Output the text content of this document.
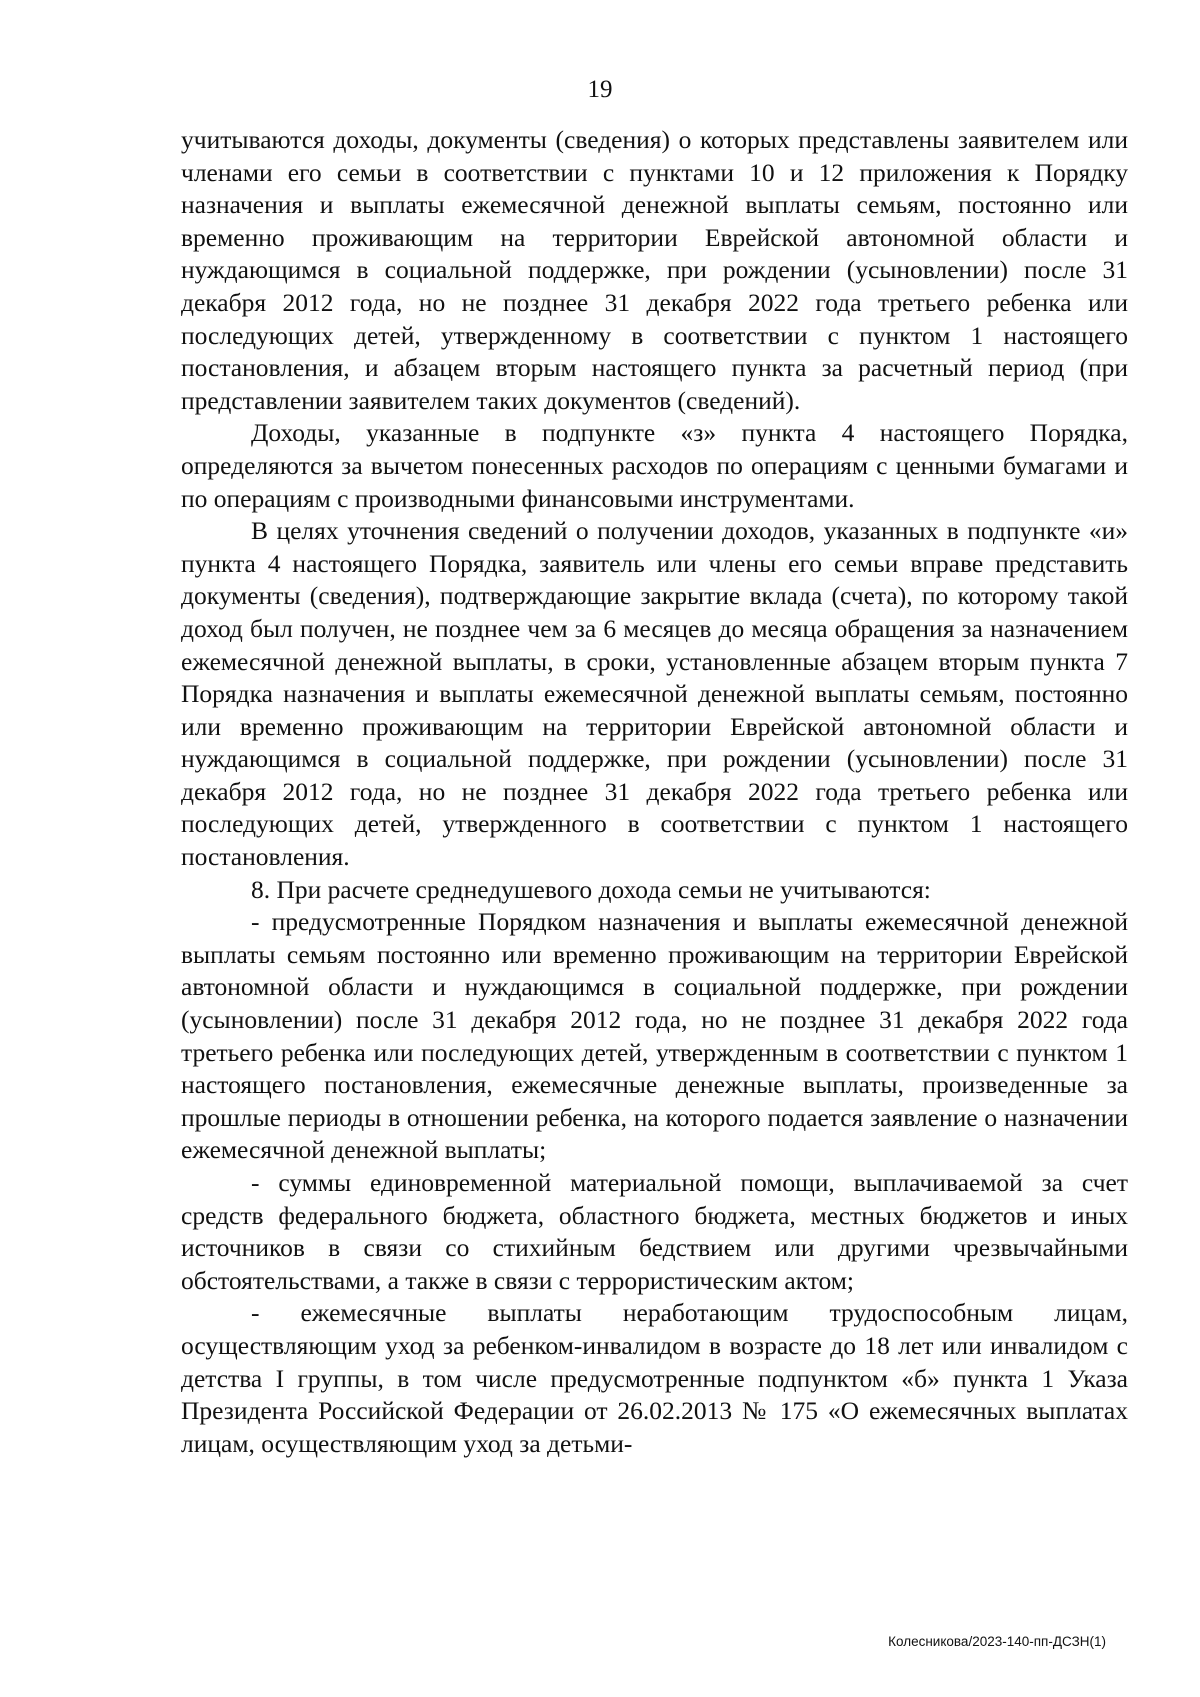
19

учитываются доходы, документы (сведения) о которых представлены заявителем или членами его семьи в соответствии с пунктами 10 и 12 приложения к Порядку назначения и выплаты ежемесячной денежной выплаты семьям, постоянно или временно проживающим на территории Еврейской автономной области и нуждающимся в социальной поддержке, при рождении (усыновлении) после 31 декабря 2012 года, но не позднее 31 декабря 2022 года третьего ребенка или последующих детей, утвержденному в соответствии с пунктом 1 настоящего постановления, и абзацем вторым настоящего пункта за расчетный период (при представлении заявителем таких документов (сведений).

Доходы, указанные в подпункте «з» пункта 4 настоящего Порядка, определяются за вычетом понесенных расходов по операциям с ценными бумагами и по операциям с производными финансовыми инструментами.

В целях уточнения сведений о получении доходов, указанных в подпункте «и» пункта 4 настоящего Порядка, заявитель или члены его семьи вправе представить документы (сведения), подтверждающие закрытие вклада (счета), по которому такой доход был получен, не позднее чем за 6 месяцев до месяца обращения за назначением ежемесячной денежной выплаты, в сроки, установленные абзацем вторым пункта 7 Порядка назначения и выплаты ежемесячной денежной выплаты семьям, постоянно или временно проживающим на территории Еврейской автономной области и нуждающимся в социальной поддержке, при рождении (усыновлении) после 31 декабря 2012 года, но не позднее 31 декабря 2022 года третьего ребенка или последующих детей, утвержденного в соответствии с пунктом 1 настоящего постановления.

8. При расчете среднедушевого дохода семьи не учитываются:

- предусмотренные Порядком назначения и выплаты ежемесячной денежной выплаты семьям постоянно или временно проживающим на территории Еврейской автономной области и нуждающимся в социальной поддержке, при рождении (усыновлении) после 31 декабря 2012 года, но не позднее 31 декабря 2022 года третьего ребенка или последующих детей, утвержденным в соответствии с пунктом 1 настоящего постановления, ежемесячные денежные выплаты, произведенные за прошлые периоды в отношении ребенка, на которого подается заявление о назначении ежемесячной денежной выплаты;

- суммы единовременной материальной помощи, выплачиваемой за счет средств федерального бюджета, областного бюджета, местных бюджетов и иных источников в связи со стихийным бедствием или другими чрезвычайными обстоятельствами, а также в связи с террористическим актом;

- ежемесячные выплаты неработающим трудоспособным лицам, осуществляющим уход за ребенком-инвалидом в возрасте до 18 лет или инвалидом с детства I группы, в том числе предусмотренные подпунктом «б» пункта 1 Указа Президента Российской Федерации от 26.02.2013 № 175 «О ежемесячных выплатах лицам, осуществляющим уход за детьми-

Колесникова/2023-140-пп-ДСЗН(1)
